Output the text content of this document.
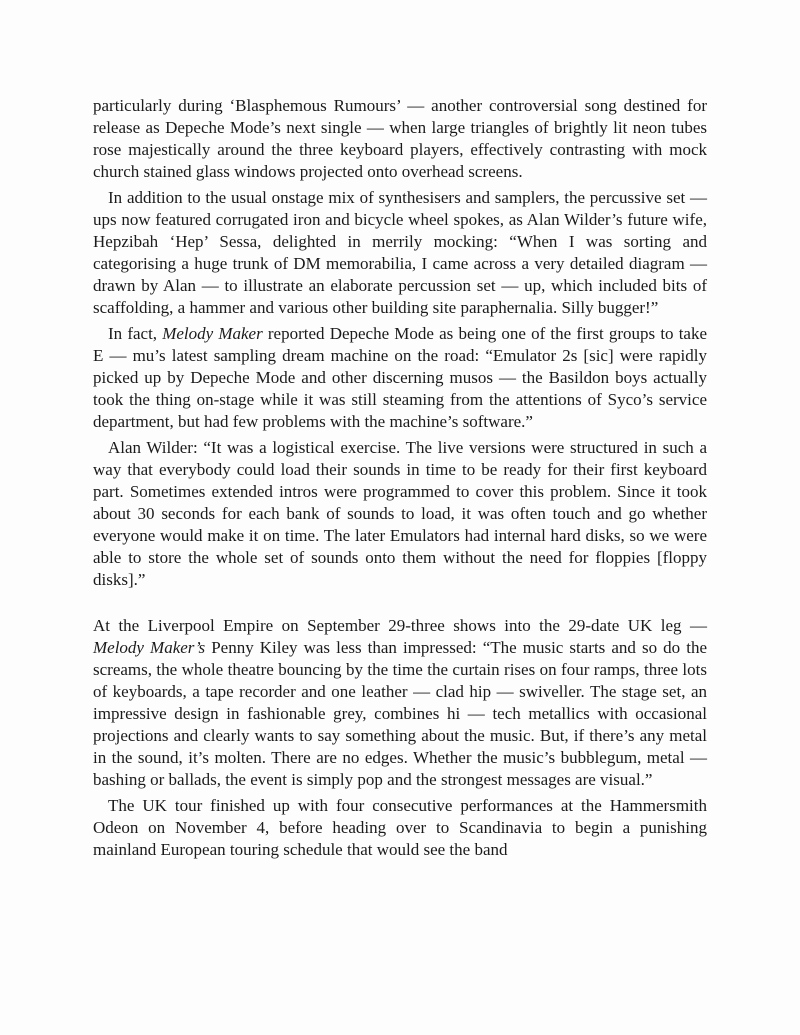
particularly during ‘Blasphemous Rumours’ — another controversial song destined for release as Depeche Mode’s next single — when large triangles of brightly lit neon tubes rose majestically around the three keyboard players, effectively contrasting with mock church stained glass windows projected onto overhead screens.

In addition to the usual onstage mix of synthesisers and samplers, the percussive set — ups now featured corrugated iron and bicycle wheel spokes, as Alan Wilder’s future wife, Hepzibah ‘Hep’ Sessa, delighted in merrily mocking: “When I was sorting and categorising a huge trunk of DM memorabilia, I came across a very detailed diagram — drawn by Alan — to illustrate an elaborate percussion set — up, which included bits of scaffolding, a hammer and various other building site paraphernalia. Silly bugger!”

In fact, Melody Maker reported Depeche Mode as being one of the first groups to take E — mu’s latest sampling dream machine on the road: “Emulator 2s [sic] were rapidly picked up by Depeche Mode and other discerning musos — the Basildon boys actually took the thing on-stage while it was still steaming from the attentions of Syco’s service department, but had few problems with the machine’s software.”

Alan Wilder: “It was a logistical exercise. The live versions were structured in such a way that everybody could load their sounds in time to be ready for their first keyboard part. Sometimes extended intros were programmed to cover this problem. Since it took about 30 seconds for each bank of sounds to load, it was often touch and go whether everyone would make it on time. The later Emulators had internal hard disks, so we were able to store the whole set of sounds onto them without the need for floppies [floppy disks].”

At the Liverpool Empire on September 29-three shows into the 29-date UK leg — Melody Maker’s Penny Kiley was less than impressed: “The music starts and so do the screams, the whole theatre bouncing by the time the curtain rises on four ramps, three lots of keyboards, a tape recorder and one leather — clad hip — swiveller. The stage set, an impressive design in fashionable grey, combines hi — tech metallics with occasional projections and clearly wants to say something about the music. But, if there’s any metal in the sound, it’s molten. There are no edges. Whether the music’s bubblegum, metal — bashing or ballads, the event is simply pop and the strongest messages are visual.”

The UK tour finished up with four consecutive performances at the Hammersmith Odeon on November 4, before heading over to Scandinavia to begin a punishing mainland European touring schedule that would see the band
